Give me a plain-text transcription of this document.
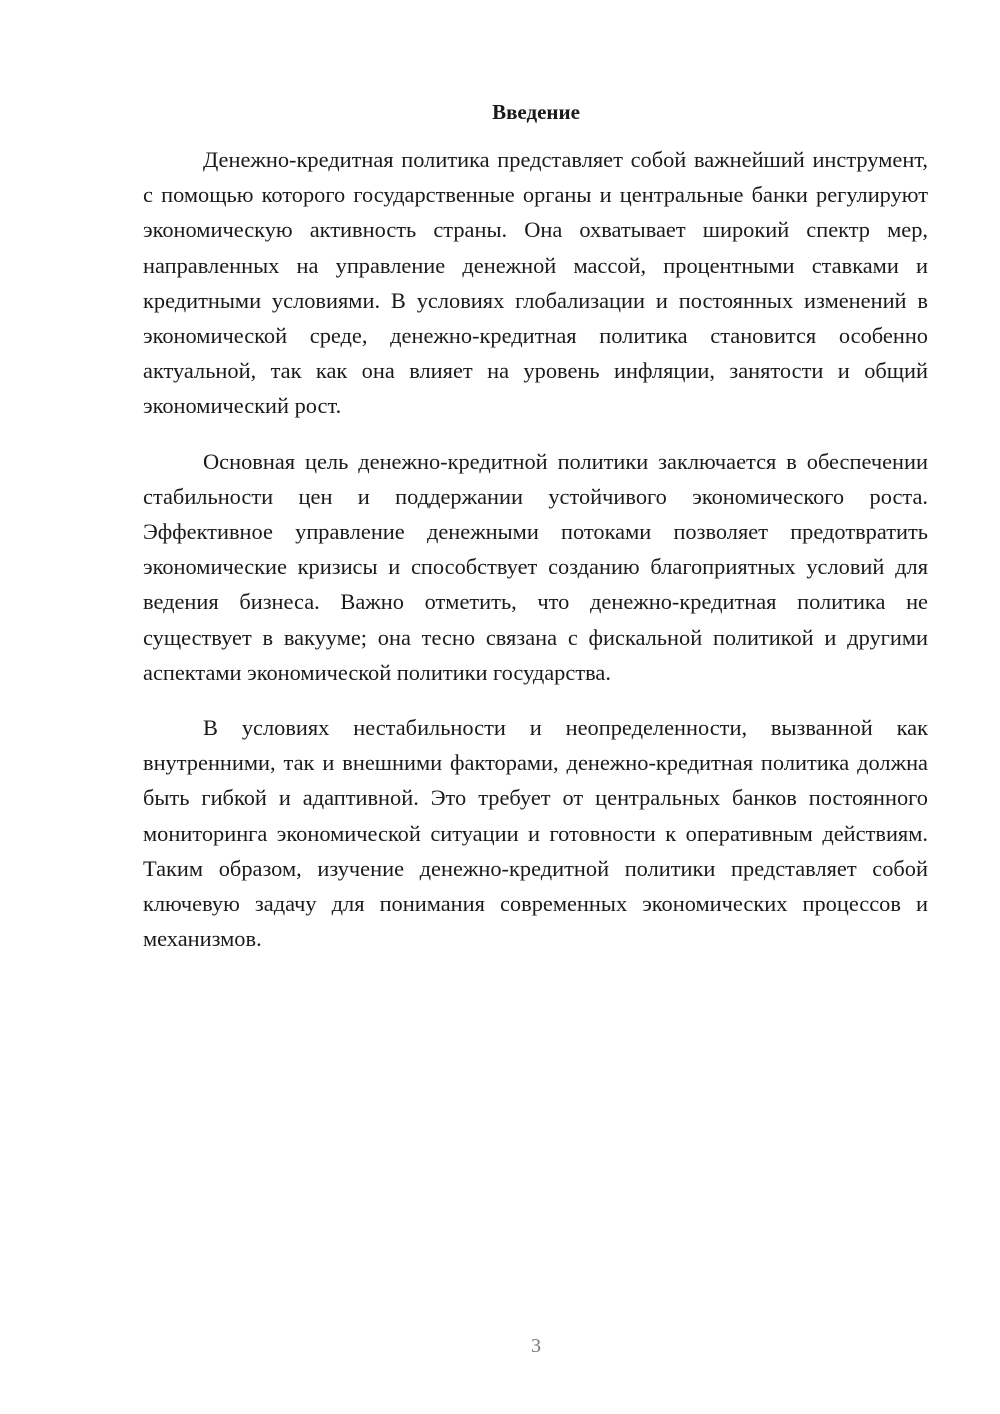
Введение

Денежно-кредитная политика представляет собой важнейший инструмент, с помощью которого государственные органы и центральные банки регулируют экономическую активность страны. Она охватывает широкий спектр мер, направленных на управление денежной массой, процентными ставками и кредитными условиями. В условиях глобализации и постоянных изменений в экономической среде, денежно-кредитная политика становится особенно актуальной, так как она влияет на уровень инфляции, занятости и общий экономический рост.

Основная цель денежно-кредитной политики заключается в обеспечении стабильности цен и поддержании устойчивого экономического роста. Эффективное управление денежными потоками позволяет предотвратить экономические кризисы и способствует созданию благоприятных условий для ведения бизнеса. Важно отметить, что денежно-кредитная политика не существует в вакууме; она тесно связана с фискальной политикой и другими аспектами экономической политики государства.

В условиях нестабильности и неопределенности, вызванной как внутренними, так и внешними факторами, денежно-кредитная политика должна быть гибкой и адаптивной. Это требует от центральных банков постоянного мониторинга экономической ситуации и готовности к оперативным действиям. Таким образом, изучение денежно-кредитной политики представляет собой ключевую задачу для понимания современных экономических процессов и механизмов.

3
